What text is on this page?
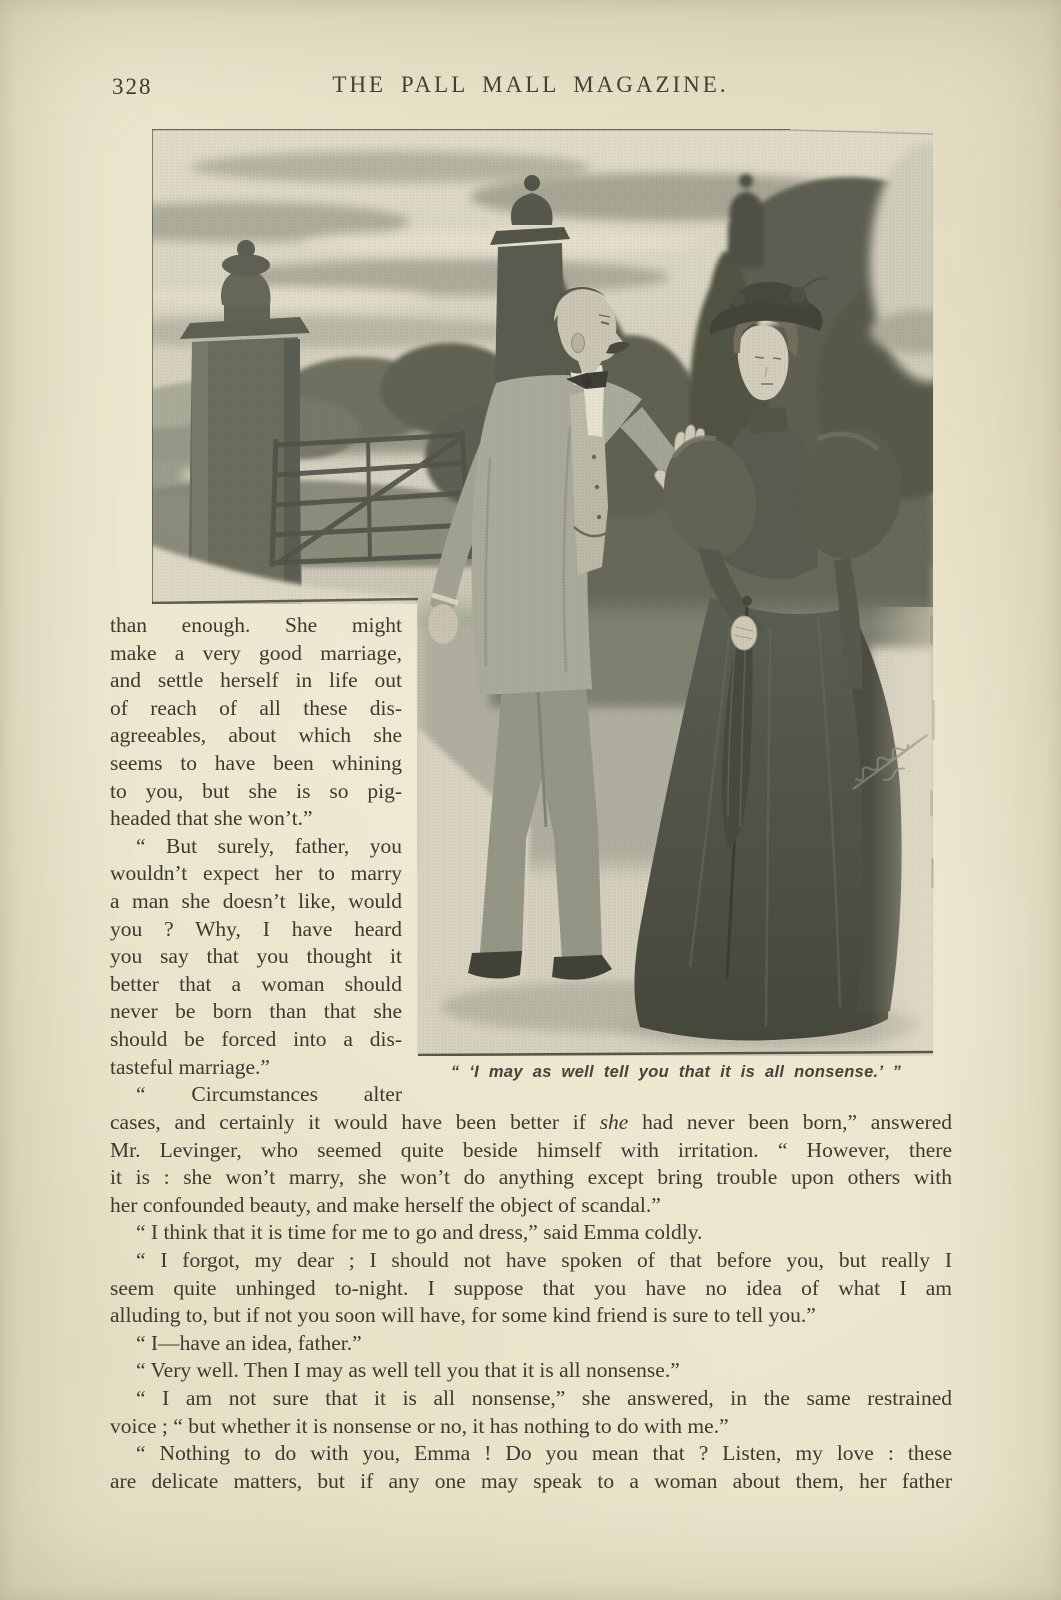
328	THE PALL MALL MAGAZINE.
“ ‘I may as well tell you that it is all nonsense.’ ”
than enough. She might
make a very good marriage,
and settle herself in life out
of reach of all these dis-
agreeables, about which she
seems to have been whining
to you, but she is so pig-
headed that she won’t.”
“ But surely, father, you
wouldn’t expect her to marry
a man she doesn’t like, would
you ? Why, I have heard
you say that you thought it
better that a woman should
never be born than that she
should be forced into a dis-
tasteful marriage.”
“ Circumstances alter
cases, and certainly it would have been better if she had never been born,” answered
Mr. Levinger, who seemed quite beside himself with irritation. “ However, there
it is : she won’t marry, she won’t do anything except bring trouble upon others with
her confounded beauty, and make herself the object of scandal.”
“ I think that it is time for me to go and dress,” said Emma coldly.
“ I forgot, my dear ; I should not have spoken of that before you, but really I
seem quite unhinged to-night. I suppose that you have no idea of what I am
alluding to, but if not you soon will have, for some kind friend is sure to tell you.”
“ I—have an idea, father.”
“ Very well. Then I may as well tell you that it is all nonsense.”
“ I am not sure that it is all nonsense,” she answered, in the same restrained
voice ; “ but whether it is nonsense or no, it has nothing to do with me.”
“ Nothing to do with you, Emma ! Do you mean that ? Listen, my love : these
are delicate matters, but if any one may speak to a woman about them, her father
